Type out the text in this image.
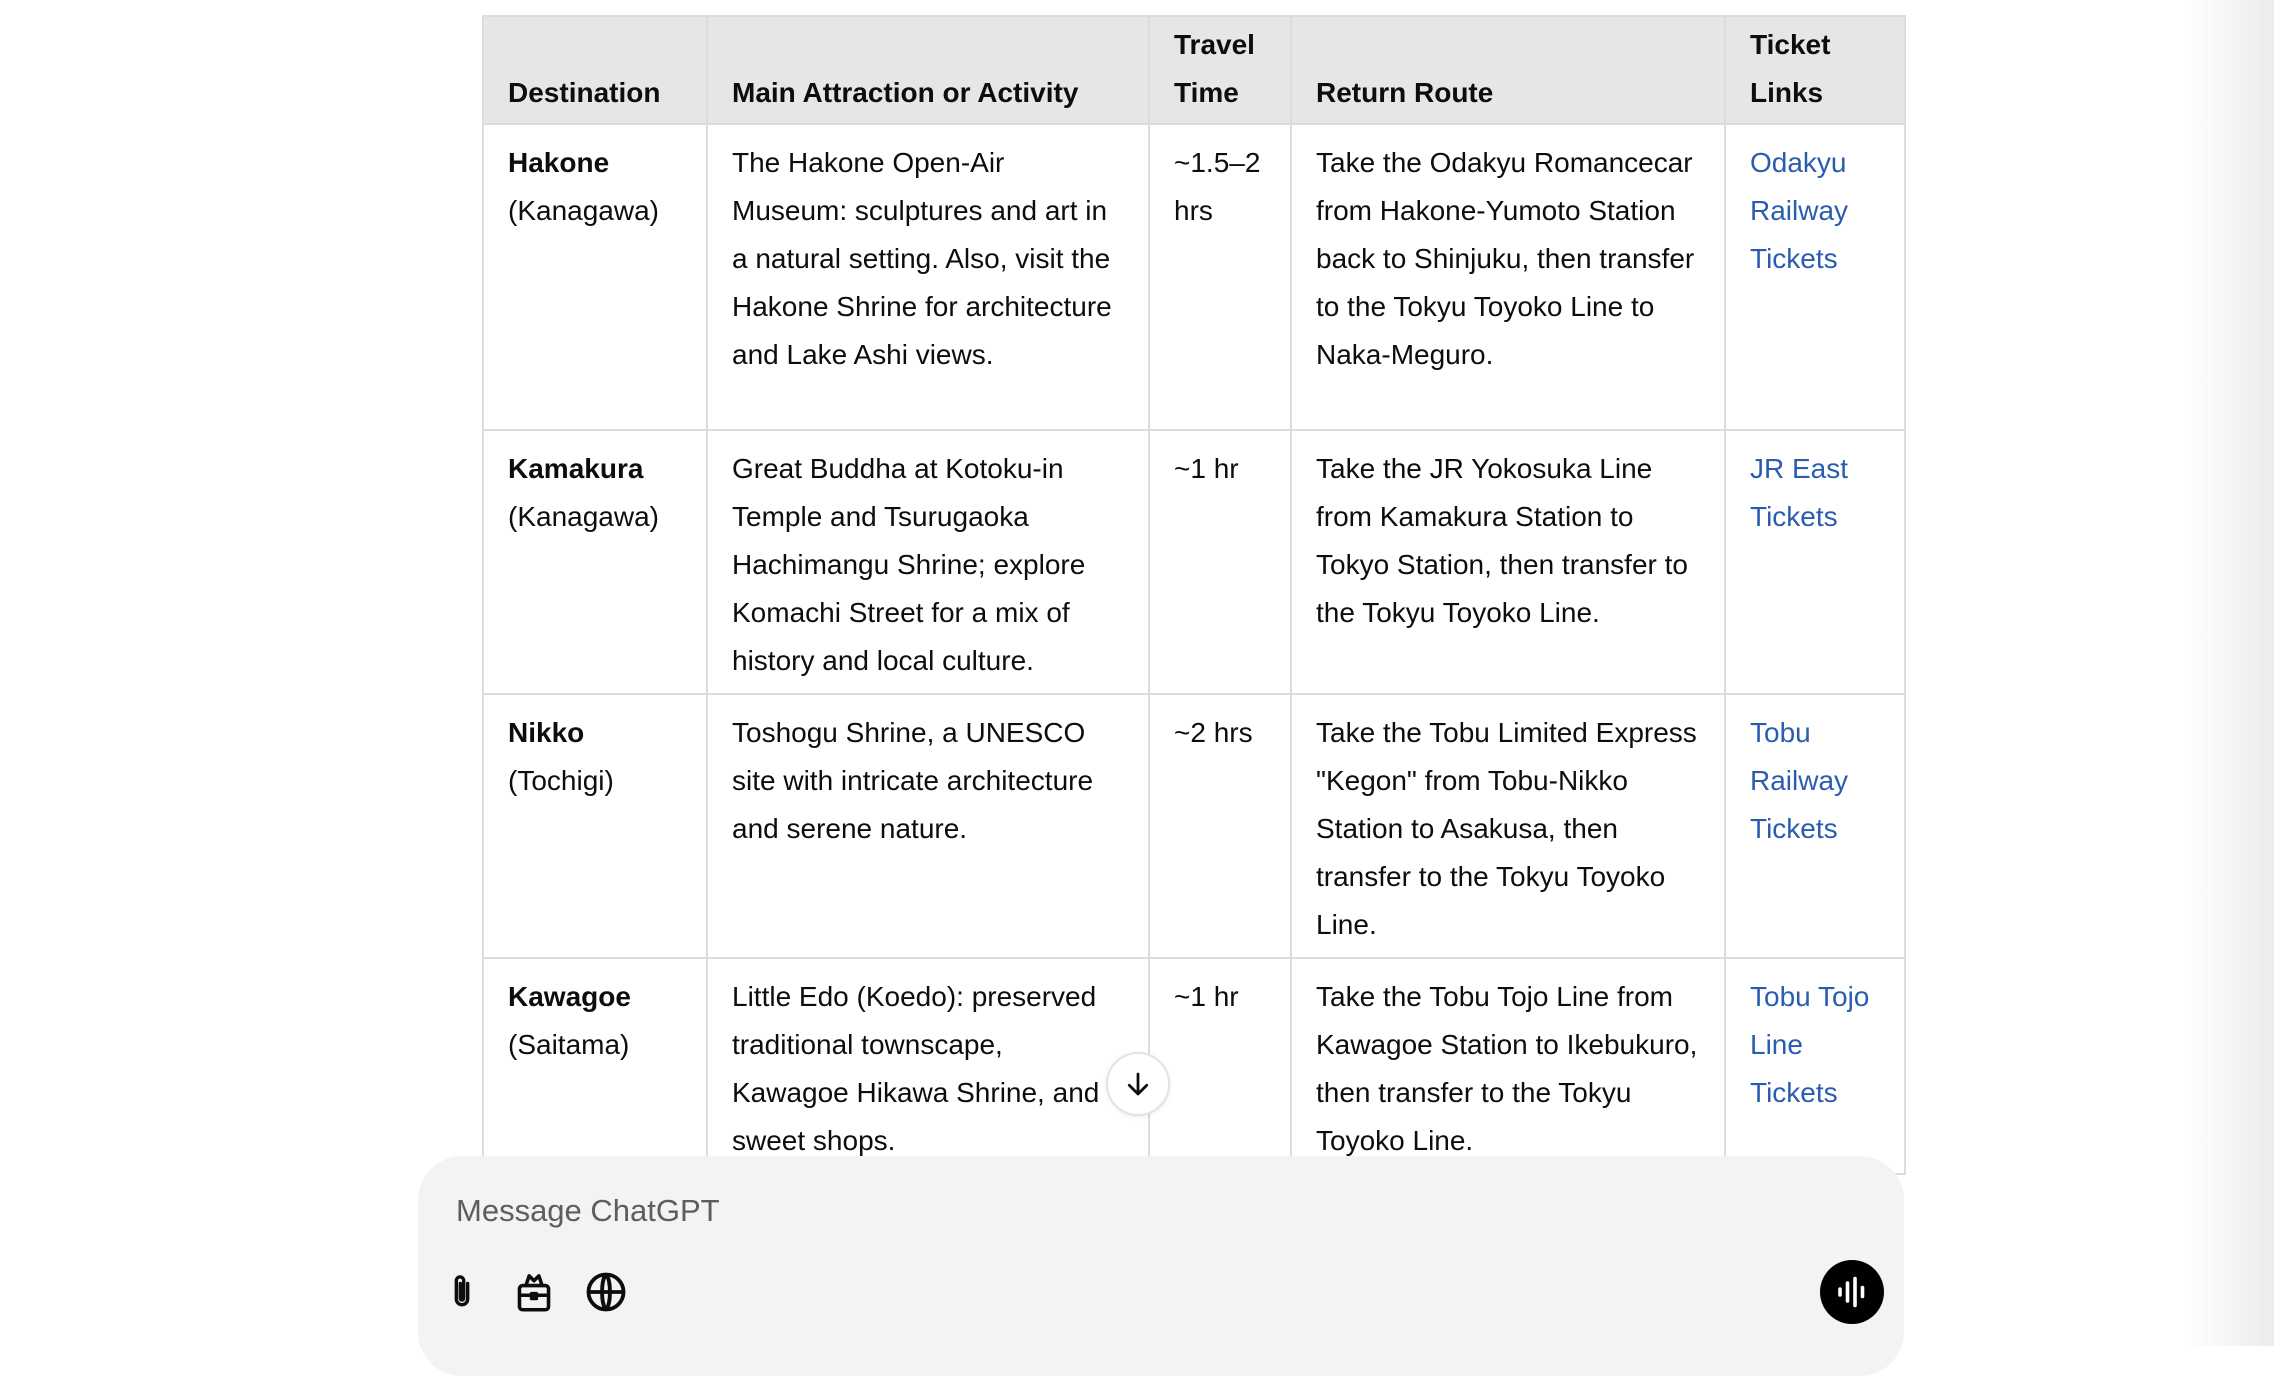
Destination	Main Attraction or Activity	Travel Time	Return Route	Ticket Links

Hakone
(Kanagawa)	The Hakone Open-Air Museum: sculptures and art in a natural setting. Also, visit the Hakone Shrine for architecture and Lake Ashi views.	~1.5–2 hrs	Take the Odakyu Romancecar from Hakone-Yumoto Station back to Shinjuku, then transfer to the Tokyu Toyoko Line to Naka-Meguro.	Odakyu Railway Tickets

Kamakura
(Kanagawa)	Great Buddha at Kotoku-in Temple and Tsurugaoka Hachimangu Shrine; explore Komachi Street for a mix of history and local culture.	~1 hr	Take the JR Yokosuka Line from Kamakura Station to Tokyo Station, then transfer to the Tokyu Toyoko Line.	JR East Tickets

Nikko
(Tochigi)	Toshogu Shrine, a UNESCO site with intricate architecture and serene nature.	~2 hrs	Take the Tobu Limited Express "Kegon" from Tobu-Nikko Station to Asakusa, then transfer to the Tokyu Toyoko Line.	Tobu Railway Tickets

Kawagoe
(Saitama)	Little Edo (Koedo): preserved traditional townscape, Kawagoe Hikawa Shrine, and sweet shops.	~1 hr	Take the Tobu Tojo Line from Kawagoe Station to Ikebukuro, then transfer to the Tokyu Toyoko Line.	Tobu Tojo Line Tickets
Message ChatGPT
